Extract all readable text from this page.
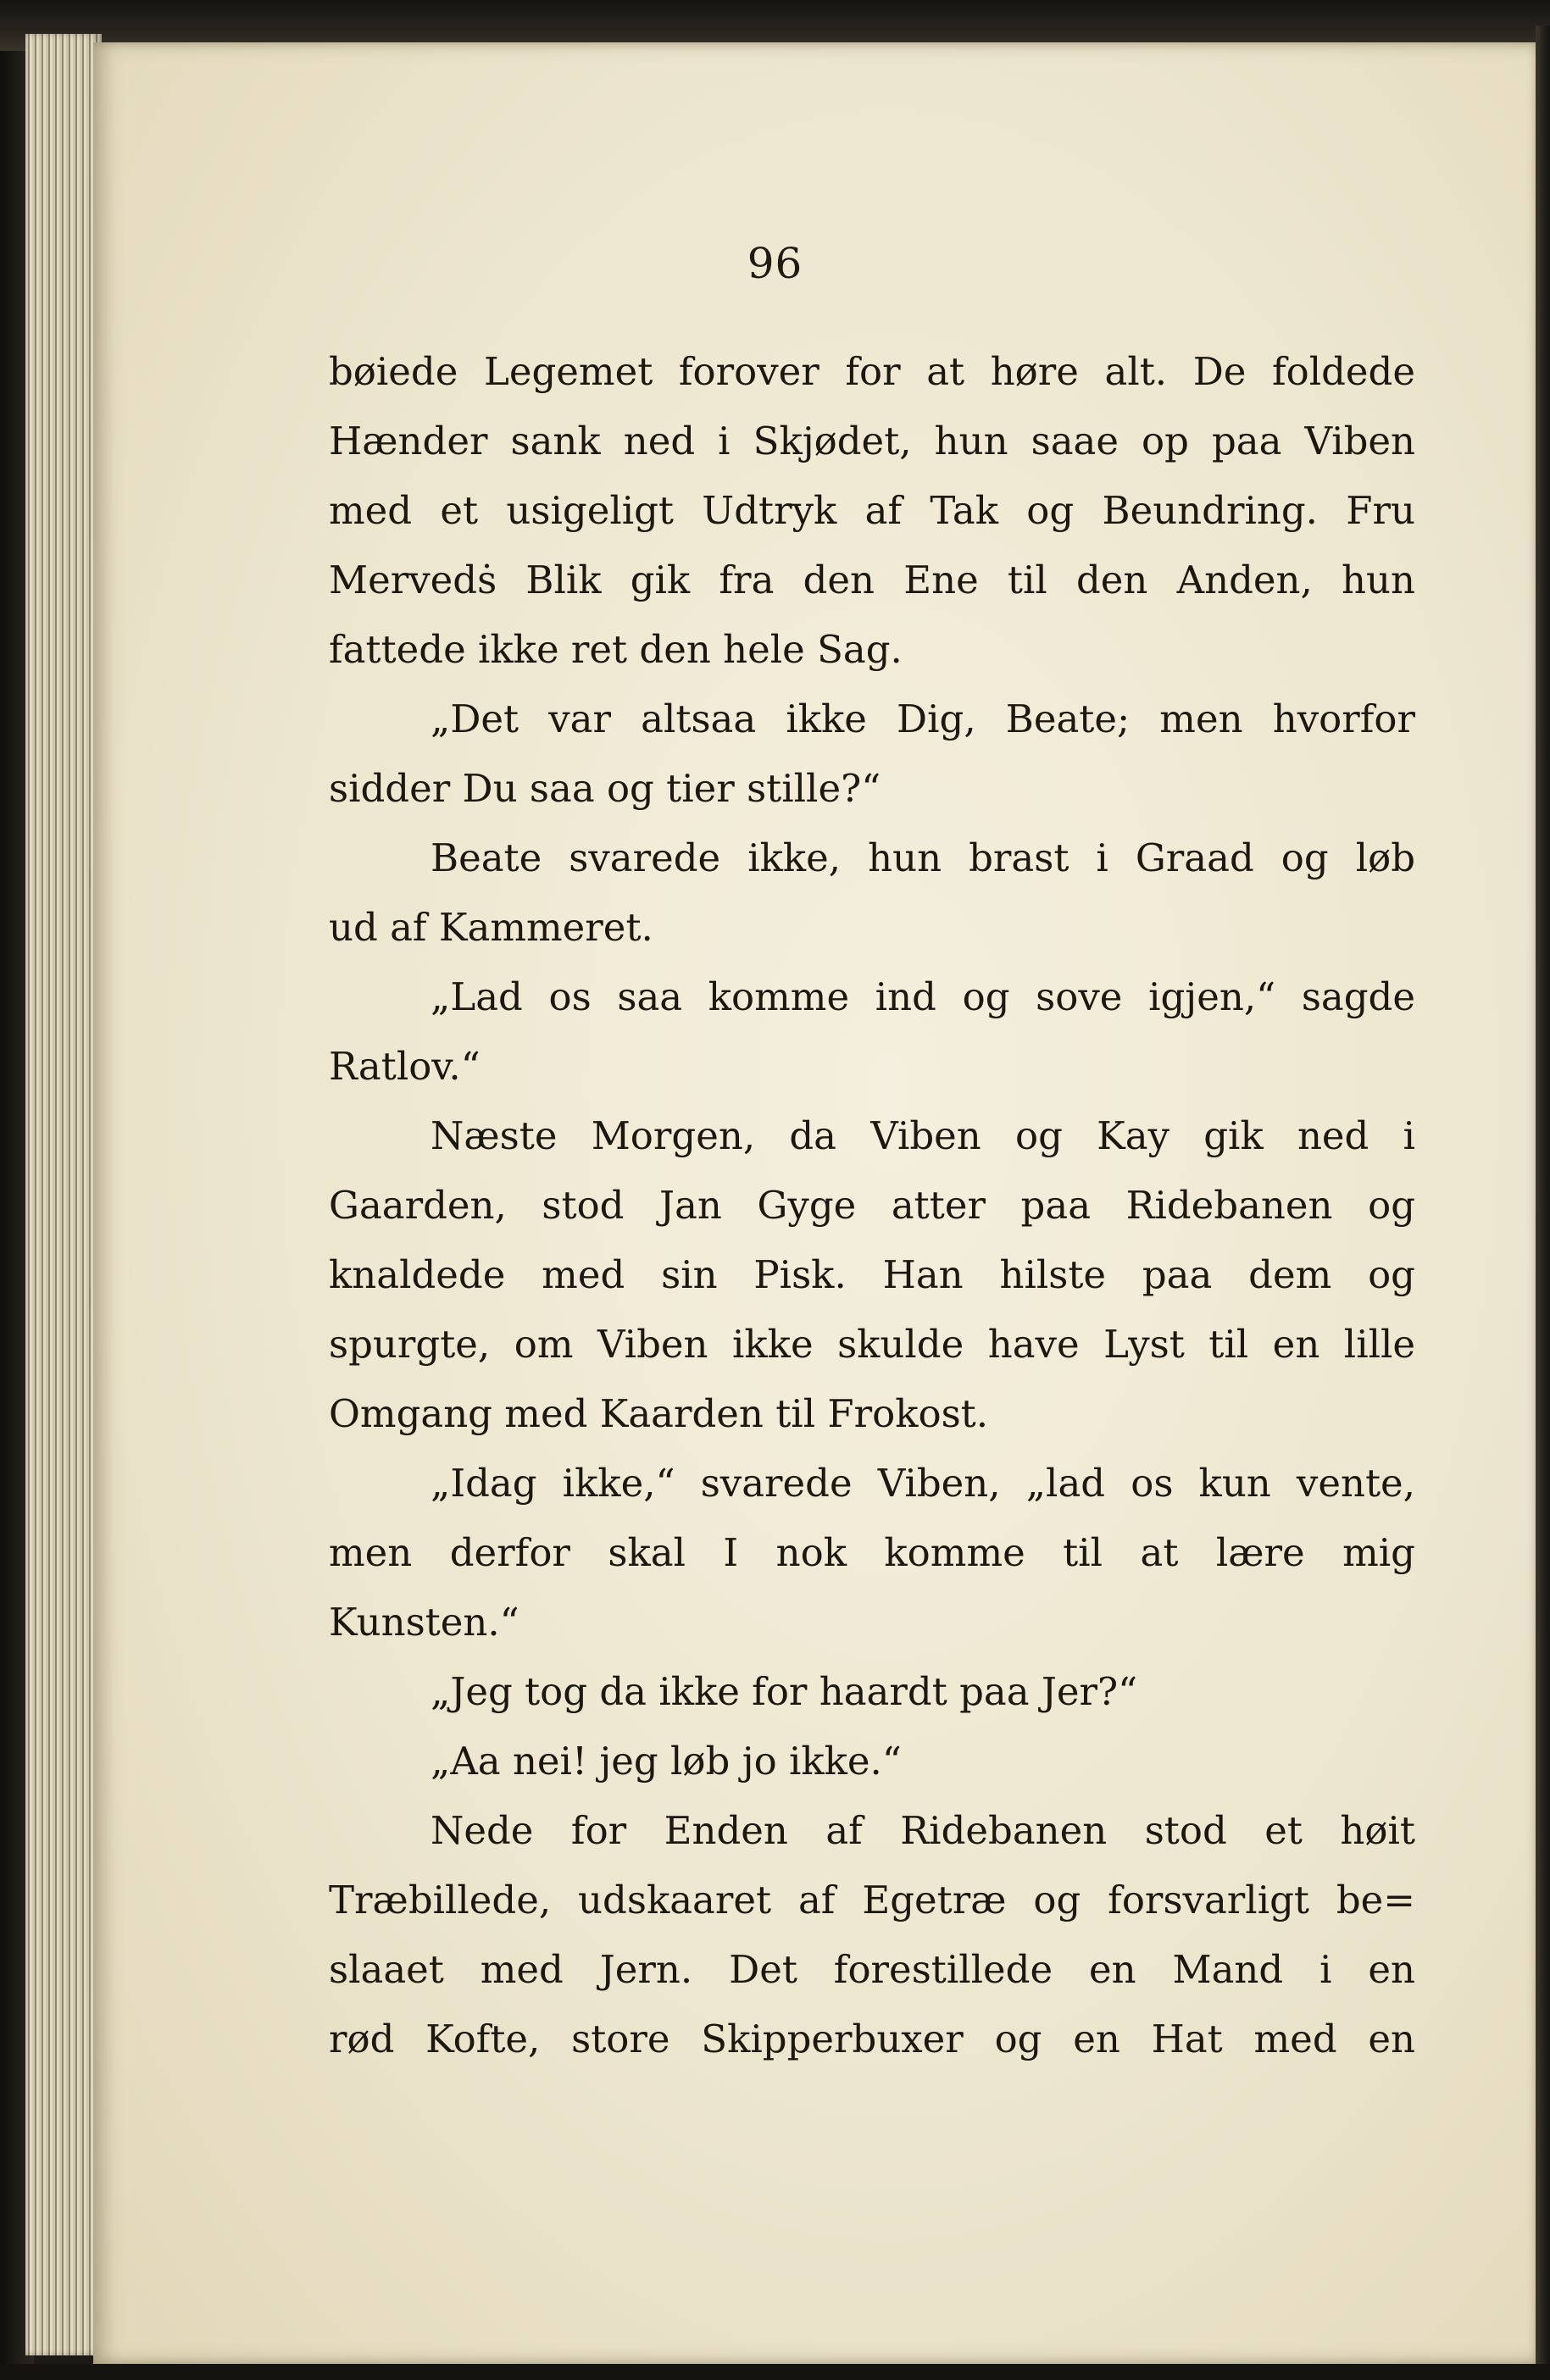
96
bøiede Legemet forover for at høre alt. De foldede
Hænder sank ned i Skjødet, hun saae op paa Viben
med et usigeligt Udtryk af Tak og Beundring. Fru
Mervedṡ Blik gik fra den Ene til den Anden, hun
fattede ikke ret den hele Sag.
„Det var altsaa ikke Dig, Beate; men hvorfor
sidder Du saa og tier stille?“
Beate svarede ikke, hun brast i Graad og løb
ud af Kammeret.
„Lad os saa komme ind og sove igjen,“ sagde
Ratlov.“
Næste Morgen, da Viben og Kay gik ned i
Gaarden, stod Jan Gyge atter paa Ridebanen og
knaldede med sin Pisk. Han hilste paa dem og
spurgte, om Viben ikke skulde have Lyst til en lille
Omgang med Kaarden til Frokost.
„Idag ikke,“ svarede Viben, „lad os kun vente,
men derfor skal I nok komme til at lære mig
Kunsten.“
„Jeg tog da ikke for haardt paa Jer?“
„Aa nei! jeg løb jo ikke.“
Nede for Enden af Ridebanen stod et høit
Træbillede, udskaaret af Egetræ og forsvarligt be=
slaaet med Jern. Det forestillede en Mand i en
rød Kofte, store Skipperbuxer og en Hat med en
